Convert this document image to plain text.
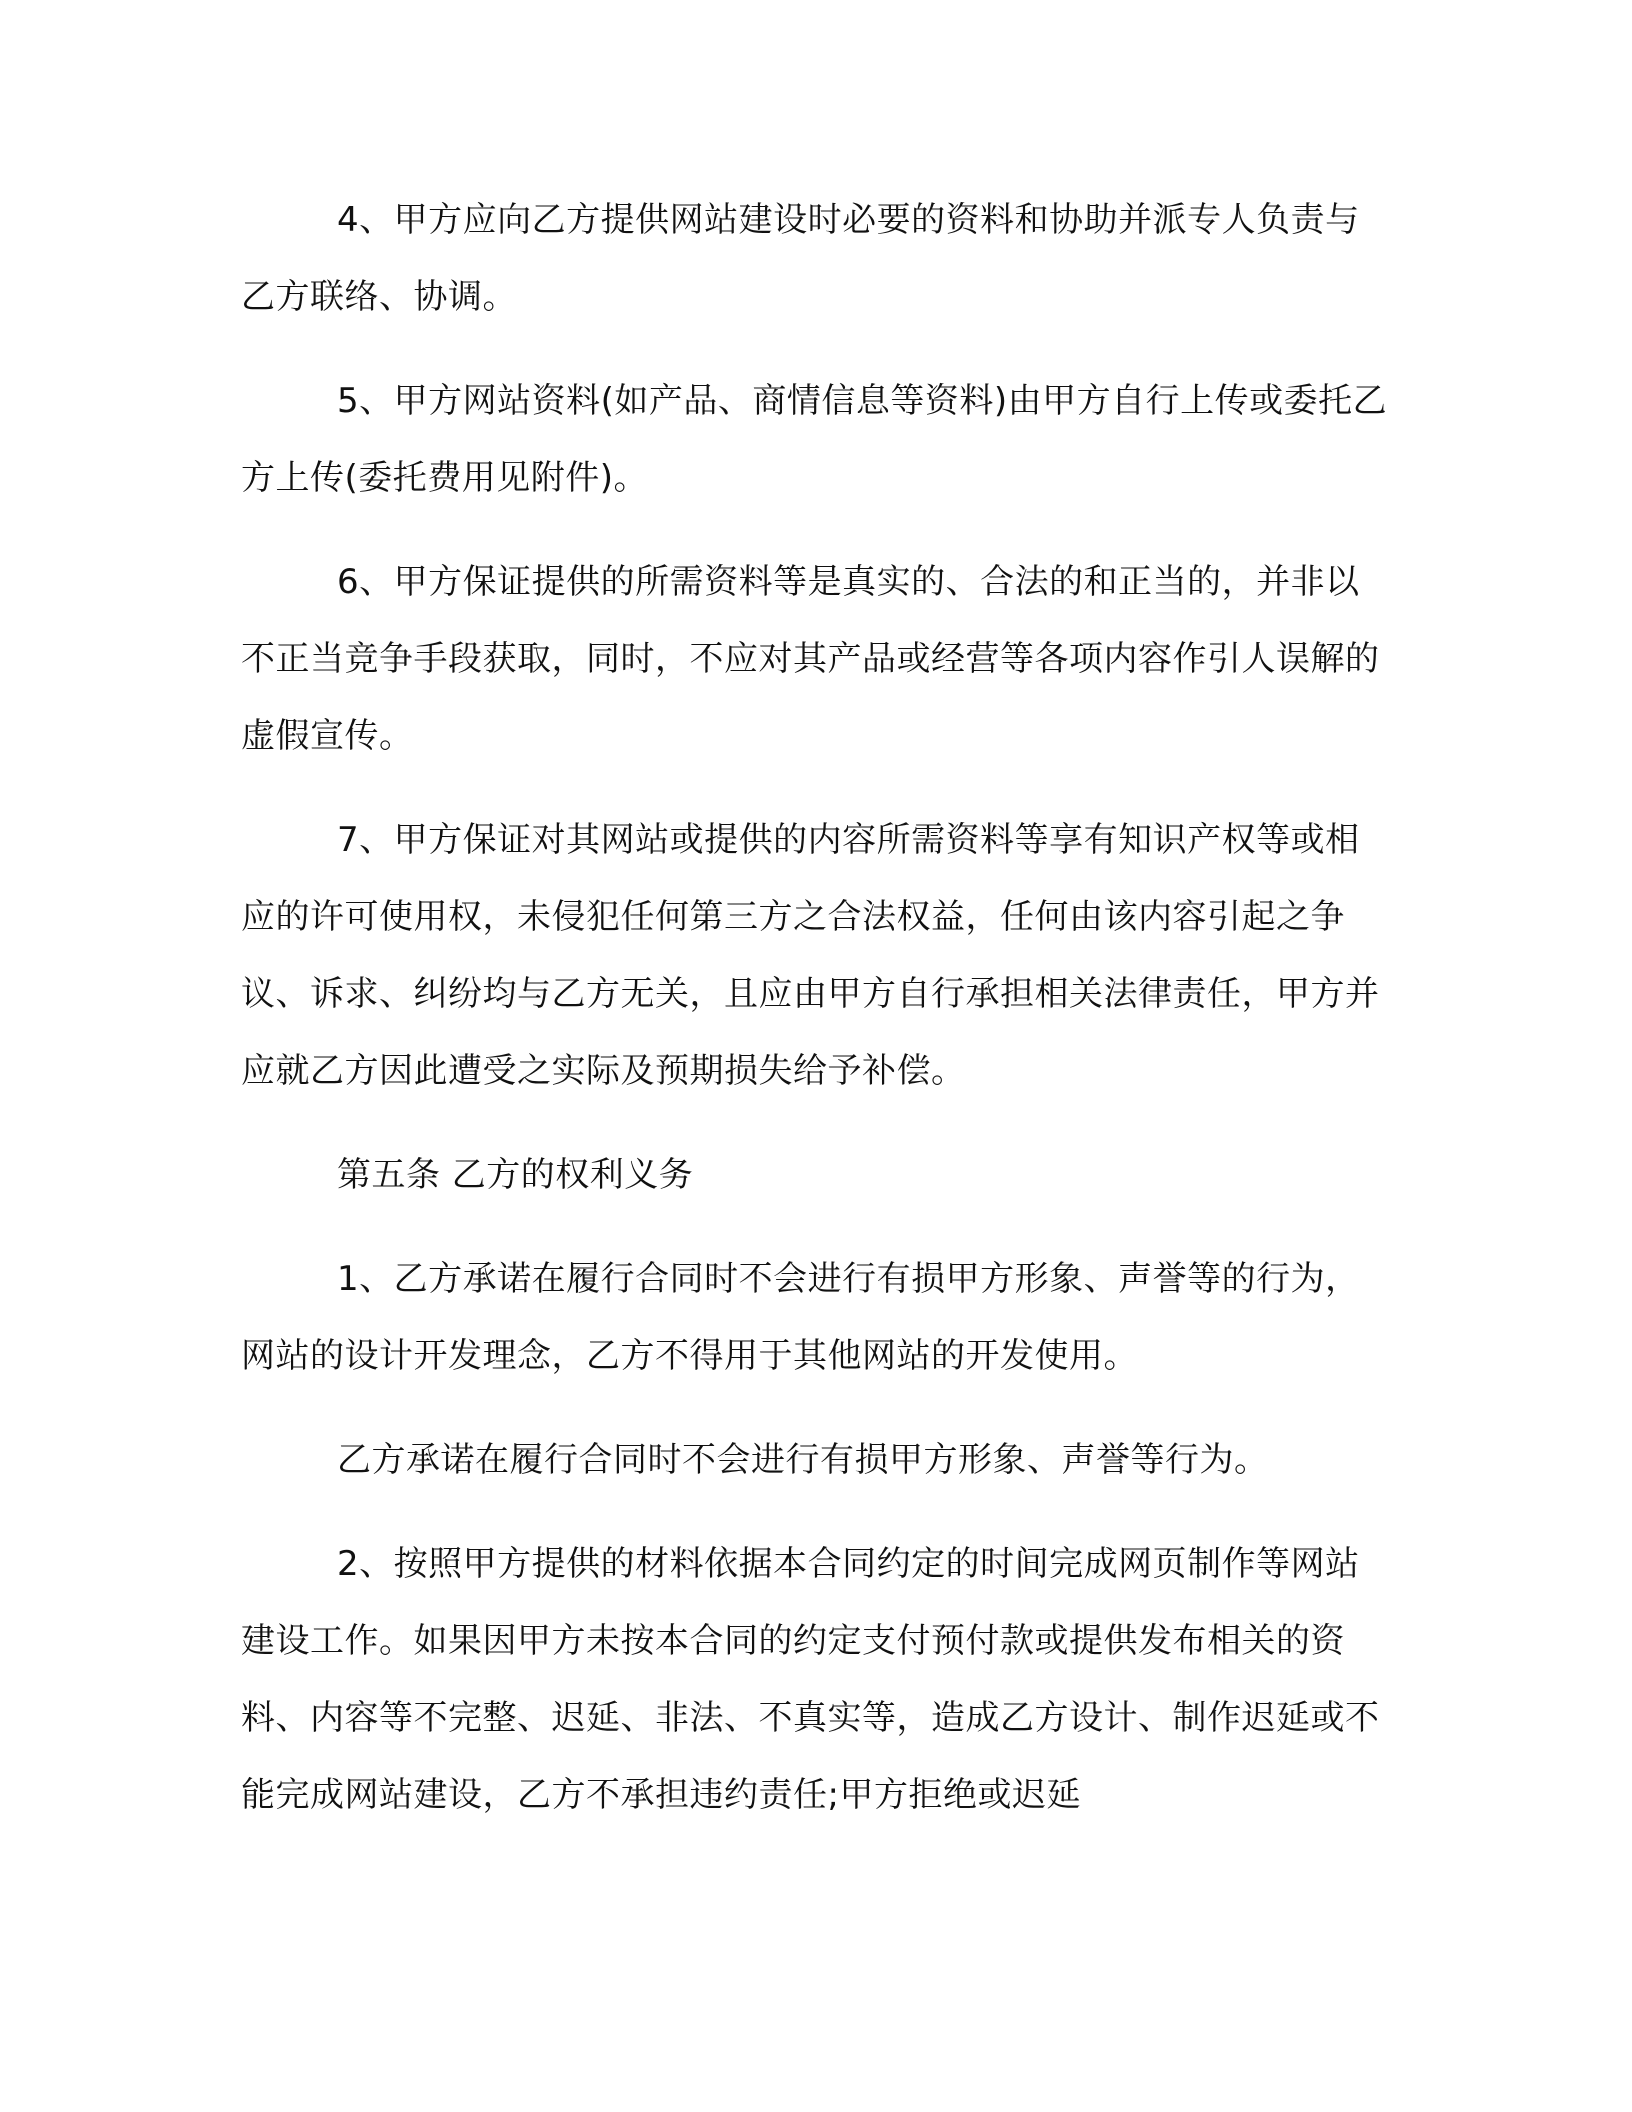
4、甲方应向乙方提供网站建设时必要的资料和协助并派专人负责与乙方联络、协调。

5、甲方网站资料(如产品、商情信息等资料)由甲方自行上传或委托乙方上传(委托费用见附件)。

6、甲方保证提供的所需资料等是真实的、合法的和正当的，并非以不正当竞争手段获取，同时，不应对其产品或经营等各项内容作引人误解的虚假宣传。

7、甲方保证对其网站或提供的内容所需资料等享有知识产权等或相应的许可使用权，未侵犯任何第三方之合法权益，任何由该内容引起之争议、诉求、纠纷均与乙方无关，且应由甲方自行承担相关法律责任，甲方并应就乙方因此遭受之实际及预期损失给予补偿。

第五条 乙方的权利义务

1、乙方承诺在履行合同时不会进行有损甲方形象、声誉等的行为，网站的设计开发理念，乙方不得用于其他网站的开发使用。

乙方承诺在履行合同时不会进行有损甲方形象、声誉等行为。

2、按照甲方提供的材料依据本合同约定的时间完成网页制作等网站建设工作。如果因甲方未按本合同的约定支付预付款或提供发布相关的资料、内容等不完整、迟延、非法、不真实等，造成乙方设计、制作迟延或不能完成网站建设，乙方不承担违约责任;甲方拒绝或迟延
